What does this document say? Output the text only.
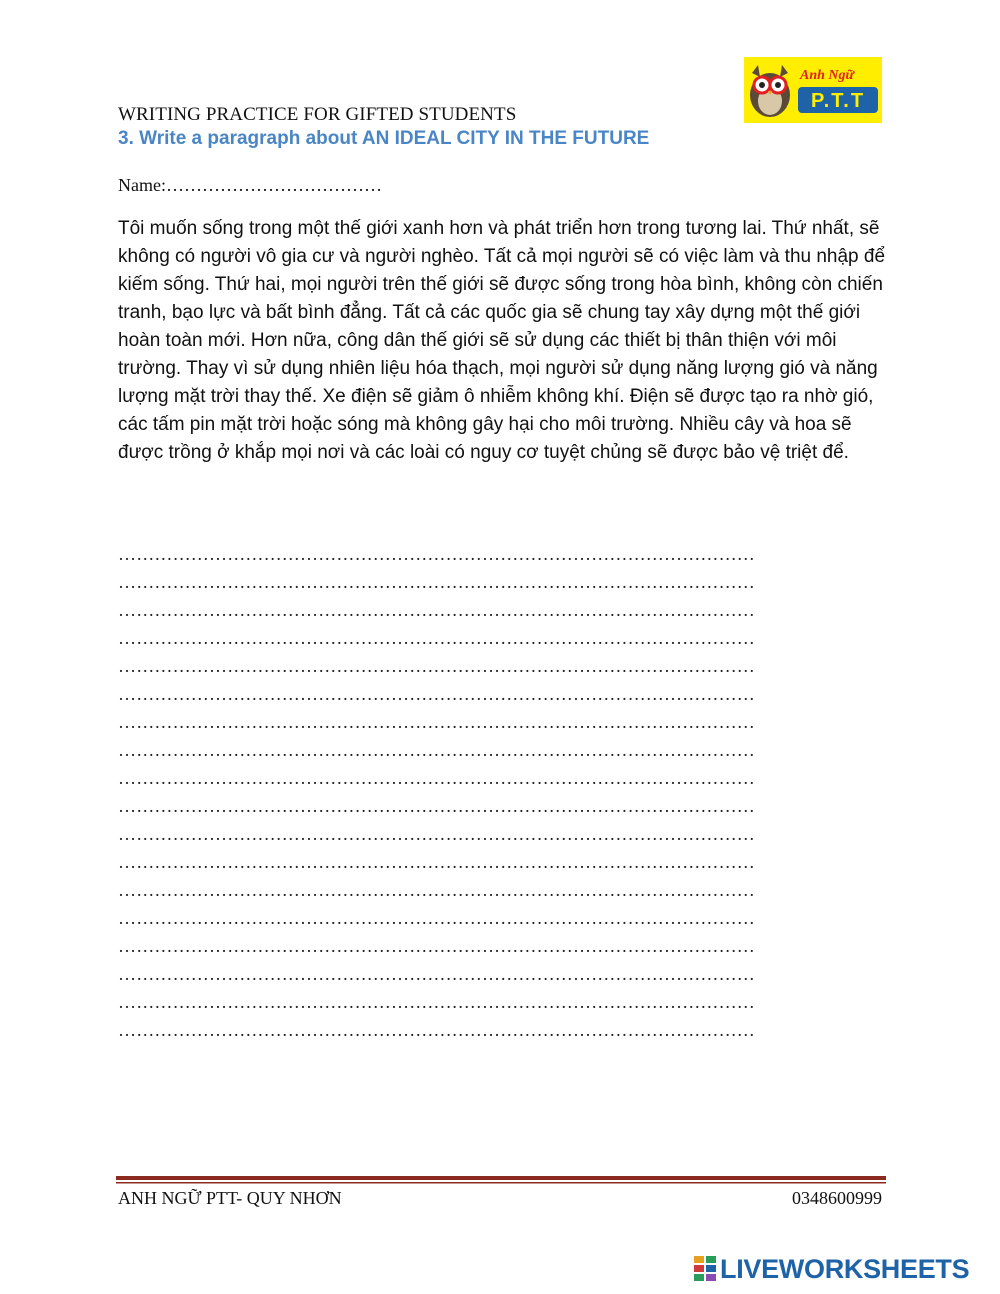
WRITING PRACTICE FOR GIFTED STUDENTS
3. Write a paragraph about AN IDEAL CITY IN THE FUTURE
Anh Ngữ
P.T.T
Name:………………………………

Tôi muốn sống trong một thế giới xanh hơn và phát triển hơn trong tương lai. Thứ nhất, sẽ không có người vô gia cư và người nghèo. Tất cả mọi người sẽ có việc làm và thu nhập để kiếm sống. Thứ hai, mọi người trên thế giới sẽ được sống trong hòa bình, không còn chiến tranh, bạo lực và bất bình đẳng. Tất cả các quốc gia sẽ chung tay xây dựng một thế giới hoàn toàn mới. Hơn nữa, công dân thế giới sẽ sử dụng các thiết bị thân thiện với môi trường. Thay vì sử dụng nhiên liệu hóa thạch, mọi người sử dụng năng lượng gió và năng lượng mặt trời thay thế. Xe điện sẽ giảm ô nhiễm không khí. Điện sẽ được tạo ra nhờ gió, các tấm pin mặt trời hoặc sóng mà không gây hại cho môi trường. Nhiều cây và hoa sẽ được trồng ở khắp mọi nơi và các loài có nguy cơ tuyệt chủng sẽ được bảo vệ triệt để.

……………………………………………………………………………………………
……………………………………………………………………………………………
……………………………………………………………………………………………
……………………………………………………………………………………………
……………………………………………………………………………………………
……………………………………………………………………………………………
……………………………………………………………………………………………
……………………………………………………………………………………………
……………………………………………………………………………………………
……………………………………………………………………………………………
……………………………………………………………………………………………
……………………………………………………………………………………………
……………………………………………………………………………………………
……………………………………………………………………………………………
……………………………………………………………………………………………
……………………………………………………………………………………………
……………………………………………………………………………………………
……………………………………………………………………………………………
ANH NGỮ PTT- QUY NHƠN	0348600999
LIVEWORKSHEETS
